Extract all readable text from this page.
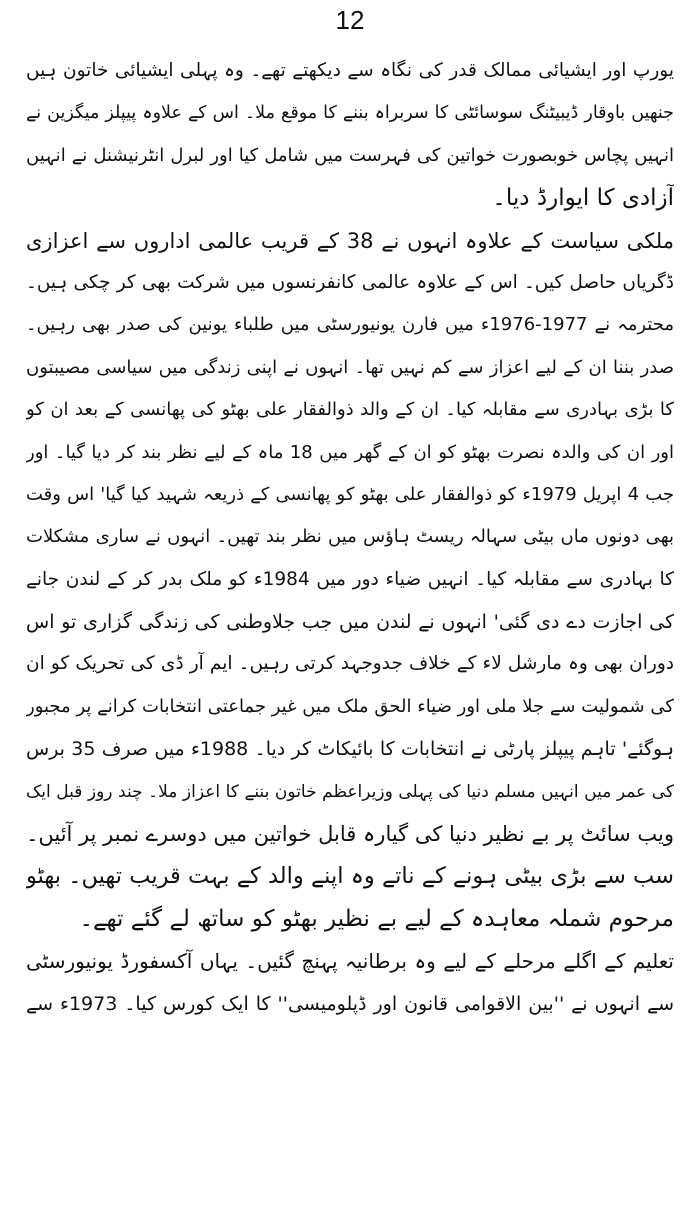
12
یورپ اور ایشیائی ممالک قدر کی نگاہ سے دیکھتے تھے۔ وہ پہلی ایشیائی خاتون ہیں
جنھیں باوقار ڈیبیٹنگ سوسائٹی کا سربراہ بننے کا موقع ملا۔ اس کے علاوہ پیپلز میگزین نے
انہیں پچاس خوبصورت خواتین کی فہرست میں شامل کیا اور لبرل انٹرنیشنل نے انہیں
آزادی کا ایوارڈ دیا۔
ملکی سیاست کے علاوہ انہوں نے 38 کے قریب عالمی اداروں سے اعزازی
ڈگریاں حاصل کیں۔ اس کے علاوہ عالمی کانفرنسوں میں شرکت بھی کر چکی ہیں۔
محترمہ نے 1977-1976ء میں فارن یونیورسٹی میں طلباء یونین کی صدر بھی رہیں۔
صدر بننا ان کے لیے اعزاز سے کم نہیں تھا۔ انہوں نے اپنی زندگی میں سیاسی مصیبتوں
کا بڑی بہادری سے مقابلہ کیا۔ ان کے والد ذوالفقار علی بھٹو کی پھانسی کے بعد ان کو
اور ان کی والدہ نصرت بھٹو کو ان کے گھر میں 18 ماہ کے لیے نظر بند کر دیا گیا۔ اور
جب 4 اپریل 1979ء کو ذوالفقار علی بھٹو کو پھانسی کے ذریعہ شہید کیا گیا' اس وقت
بھی دونوں ماں بیٹی سہالہ ریسٹ ہاؤس میں نظر بند تھیں۔ انہوں نے ساری مشکلات
کا بہادری سے مقابلہ کیا۔ انہیں ضیاء دور میں 1984ء کو ملک بدر کر کے لندن جانے
کی اجازت دے دی گئی' انہوں نے لندن میں جب جلاوطنی کی زندگی گزاری تو اس
دوران بھی وہ مارشل لاء کے خلاف جدوجہد کرتی رہیں۔ ایم آر ڈی کی تحریک کو ان
کی شمولیت سے جلا ملی اور ضیاء الحق ملک میں غیر جماعتی انتخابات کرانے پر مجبور
ہوگئے' تاہم پیپلز پارٹی نے انتخابات کا بائیکاٹ کر دیا۔ 1988ء میں صرف 35 برس
کی عمر میں انہیں مسلم دنیا کی پہلی وزیراعظم خاتون بننے کا اعزاز ملا۔ چند روز قبل ایک
ویب سائٹ پر بے نظیر دنیا کی گیارہ قابل خواتین میں دوسرے نمبر پر آئیں۔
سب سے بڑی بیٹی ہونے کے ناتے وہ اپنے والد کے بہت قریب تھیں۔ بھٹو
مرحوم شملہ معاہدہ کے لیے بے نظیر بھٹو کو ساتھ لے گئے تھے۔
تعلیم کے اگلے مرحلے کے لیے وہ برطانیہ پہنچ گئیں۔ یہاں آکسفورڈ یونیورسٹی
سے انہوں نے ''بین الاقوامی قانون اور ڈپلومیسی'' کا ایک کورس کیا۔ 1973ء سے
